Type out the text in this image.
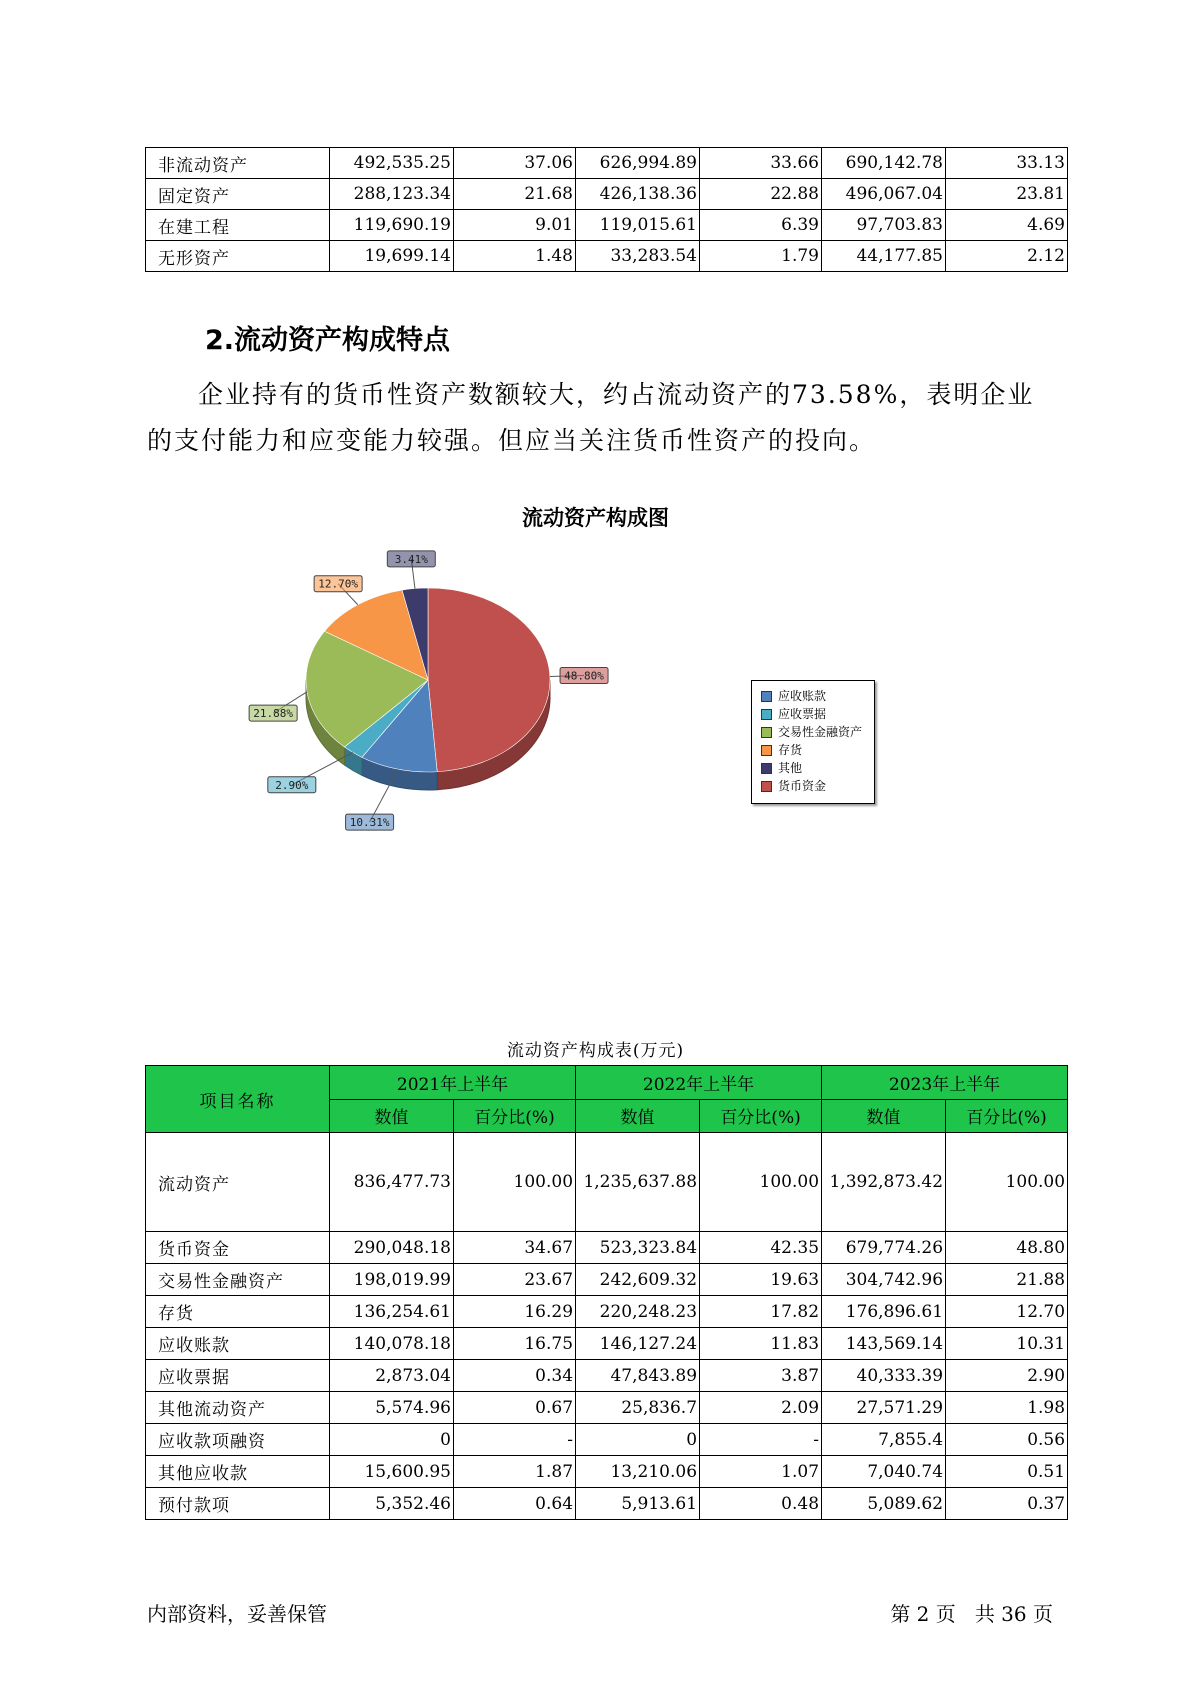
非流动资产	492,535.25	37.06	626,994.89	33.66	690,142.78	33.13
固定资产	288,123.34	21.68	426,138.36	22.88	496,067.04	23.81
在建工程	119,690.19	9.01	119,015.61	6.39	97,703.83	4.69
无形资产	19,699.14	1.48	33,283.54	1.79	44,177.85	2.12
2.流动资产构成特点

企业持有的货币性资产数额较大，约占流动资产的73.58%，表明企业的支付能力和应变能力较强。但应当关注货币性资产的投向。

流动资产构成图
48.80%
10.31%
2.90%
21.88%
12.70%
3.41%
应收账款
应收票据
交易性金融资产
存货
其他
货币资金
流动资产构成表(万元)
项目名称	2021年上半年		2022年上半年		2023年上半年	
	数值	百分比(%)	数值	百分比(%)	数值	百分比(%)
流动资产	836,477.73	100.00	1,235,637.88	100.00	1,392,873.42	100.00

货币资金	290,048.18	34.67	523,323.84	42.35	679,774.26	48.80
交易性金融资产	198,019.99	23.67	242,609.32	19.63	304,742.96	21.88
存货	136,254.61	16.29	220,248.23	17.82	176,896.61	12.70
应收账款	140,078.18	16.75	146,127.24	11.83	143,569.14	10.31
应收票据	2,873.04	0.34	47,843.89	3.87	40,333.39	2.90
其他流动资产	5,574.96	0.67	25,836.7	2.09	27,571.29	1.98
应收款项融资	0	-	0	-	7,855.4	0.56
其他应收款	15,600.95	1.87	13,210.06	1.07	7,040.74	0.51
预付款项	5,352.46	0.64	5,913.61	0.48	5,089.62	0.37
内部资料，妥善保管	第 2 页   共 36 页
